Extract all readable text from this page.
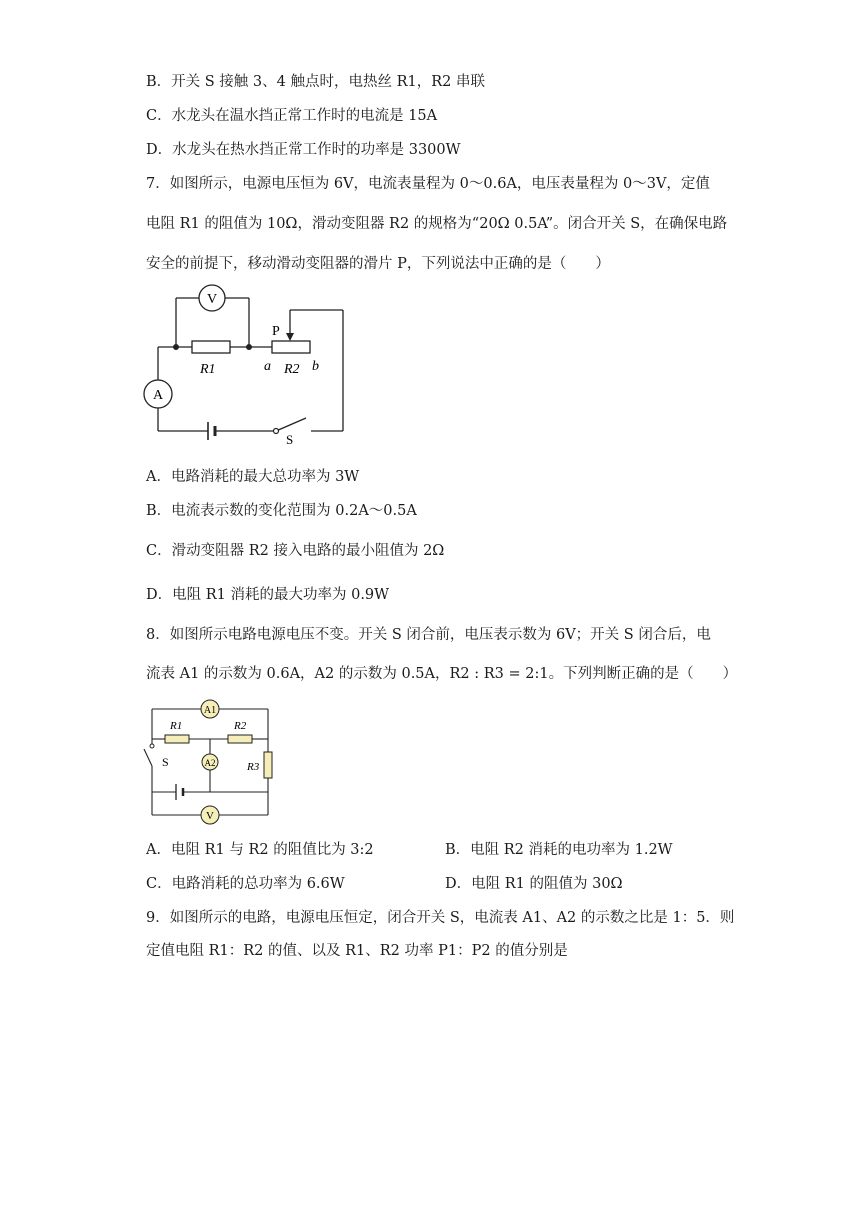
B．开关 S 接触 3、4 触点时，电热丝 R1，R2 串联
C．水龙头在温水挡正常工作时的电流是 15A
D．水龙头在热水挡正常工作时的功率是 3300W
7．如图所示，电源电压恒为 6V，电流表量程为 0～0.6A，电压表量程为 0～3V，定值
电阻 R1 的阻值为 10Ω，滑动变阻器 R2 的规格为“20Ω 0.5A”。闭合开关 S，在确保电路
安全的前提下，移动滑动变阻器的滑片 P，下列说法中正确的是（　　）
V
A
P
R1	a R2 b
S
A．电路消耗的最大总功率为 3W
B．电流表示数的变化范围为 0.2A～0.5A
C．滑动变阻器 R2 接入电路的最小阻值为 2Ω
D．电阻 R1 消耗的最大功率为 0.9W
8．如图所示电路电源电压不变。开关 S 闭合前，电压表示数为 6V；开关 S 闭合后，电
流表 A1 的示数为 0.6A，A2 的示数为 0.5A，R2 : R3 = 2:1。下列判断正确的是（　　）
A1
R1	R2
A2
S	R3
V
A．电阻 R1 与 R2 的阻值比为 3:2	B．电阻 R2 消耗的电功率为 1.2W
C．电路消耗的总功率为 6.6W	D．电阻 R1 的阻值为 30Ω
9．如图所示的电路，电源电压恒定，闭合开关 S，电流表 A1、A2 的示数之比是 1：5．则
定值电阻 R1：R2 的值、以及 R1、R2 功率 P1：P2 的值分别是
